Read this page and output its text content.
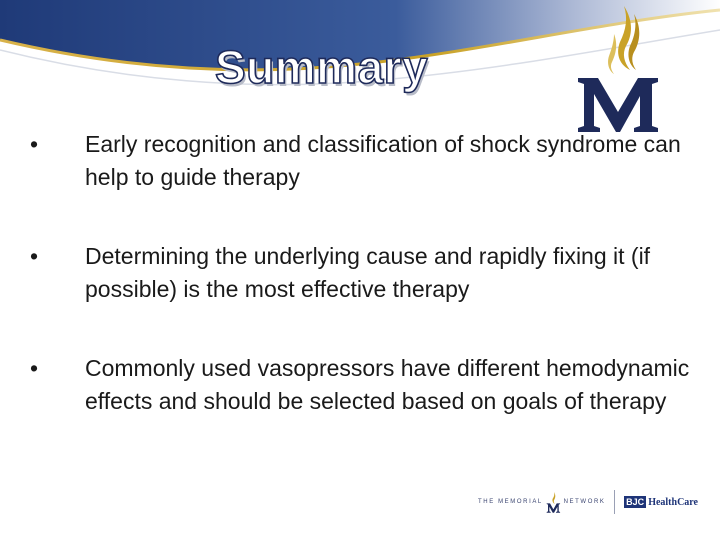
Summary
•	Early recognition and classification of shock syndrome can help to guide therapy
•	Determining the underlying cause and rapidly fixing it (if possible) is the most effective therapy
•	Commonly used vasopressors have different hemodynamic effects and should be selected based on goals of therapy
THE MEMORIAL	NETWORK BJC HealthCare
